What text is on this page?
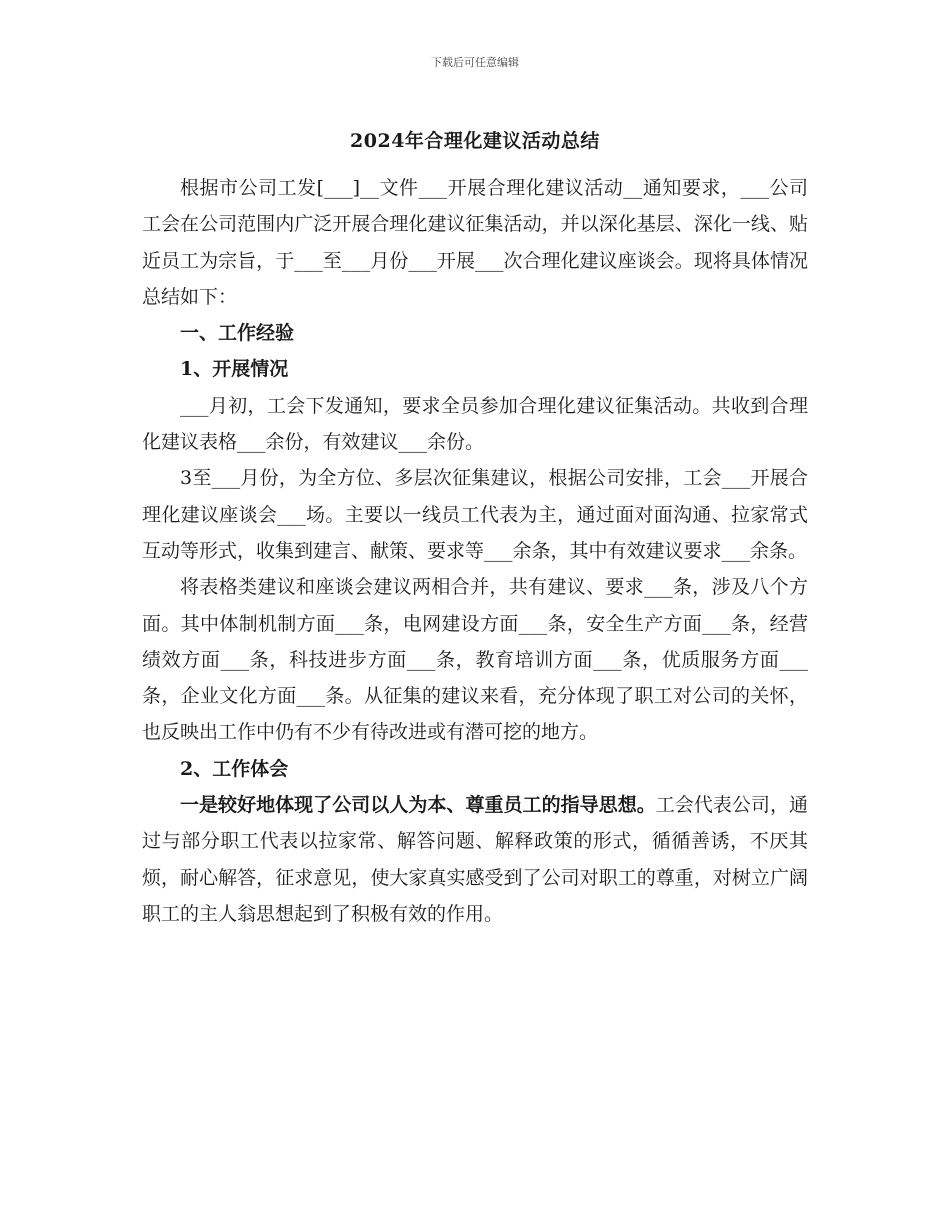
下载后可任意编辑
2024年合理化建议活动总结

根据市公司工发[___]__文件___开展合理化建议活动__通知要求，___公司工会在公司范围内广泛开展合理化建议征集活动，并以深化基层、深化一线、贴近员工为宗旨，于___至___月份___开展___次合理化建议座谈会。现将具体情况总结如下：

一、工作经验

1、开展情况

___月初，工会下发通知，要求全员参加合理化建议征集活动。共收到合理化建议表格___余份，有效建议___余份。

3至___月份，为全方位、多层次征集建议，根据公司安排，工会___开展合理化建议座谈会___场。主要以一线员工代表为主，通过面对面沟通、拉家常式互动等形式，收集到建言、献策、要求等___余条，其中有效建议要求___余条。

将表格类建议和座谈会建议两相合并，共有建议、要求___条，涉及八个方面。其中体制机制方面___条，电网建设方面___条，安全生产方面___条，经营绩效方面___条，科技进步方面___条，教育培训方面___条，优质服务方面___条，企业文化方面___条。从征集的建议来看，充分体现了职工对公司的关怀，也反映出工作中仍有不少有待改进或有潜可挖的地方。

2、工作体会

一是较好地体现了公司以人为本、尊重员工的指导思想。工会代表公司，通过与部分职工代表以拉家常、解答问题、解释政策的形式，循循善诱，不厌其烦，耐心解答，征求意见，使大家真实感受到了公司对职工的尊重，对树立广阔职工的主人翁思想起到了积极有效的作用。
